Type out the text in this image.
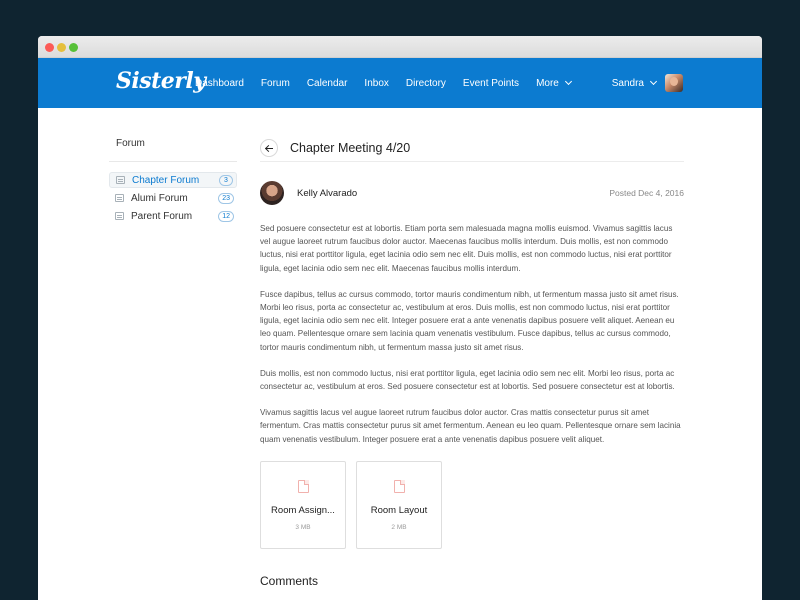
Sisterly
Dashboard Forum Calendar Inbox Directory Event Points More	Sandra
Forum
Chapter Forum	3
Alumi Forum	23
Parent Forum	12
Chapter Meeting 4/20
Kelly Alvarado	Posted Dec 4, 2016

Sed posuere consectetur est at lobortis. Etiam porta sem malesuada magna mollis euismod. Vivamus sagittis lacus vel augue laoreet rutrum faucibus dolor auctor. Maecenas faucibus mollis interdum. Duis mollis, est non commodo luctus, nisi erat porttitor ligula, eget lacinia odio sem nec elit. Duis mollis, est non commodo luctus, nisi erat porttitor ligula, eget lacinia odio sem nec elit. Maecenas faucibus mollis interdum.

Fusce dapibus, tellus ac cursus commodo, tortor mauris condimentum nibh, ut fermentum massa justo sit amet risus. Morbi leo risus, porta ac consectetur ac, vestibulum at eros. Duis mollis, est non commodo luctus, nisi erat porttitor ligula, eget lacinia odio sem nec elit. Integer posuere erat a ante venenatis dapibus posuere velit aliquet. Aenean eu leo quam. Pellentesque ornare sem lacinia quam venenatis vestibulum. Fusce dapibus, tellus ac cursus commodo, tortor mauris condimentum nibh, ut fermentum massa justo sit amet risus.

Duis mollis, est non commodo luctus, nisi erat porttitor ligula, eget lacinia odio sem nec elit. Morbi leo risus, porta ac consectetur ac, vestibulum at eros. Sed posuere consectetur est at lobortis. Sed posuere consectetur est at lobortis.

Vivamus sagittis lacus vel augue laoreet rutrum faucibus dolor auctor. Cras mattis consectetur purus sit amet fermentum. Cras mattis consectetur purus sit amet fermentum. Aenean eu leo quam. Pellentesque ornare sem lacinia quam venenatis vestibulum. Integer posuere erat a ante venenatis dapibus posuere velit aliquet.

Room Assign...
3 MB
Room Layout
2 MB
Comments
